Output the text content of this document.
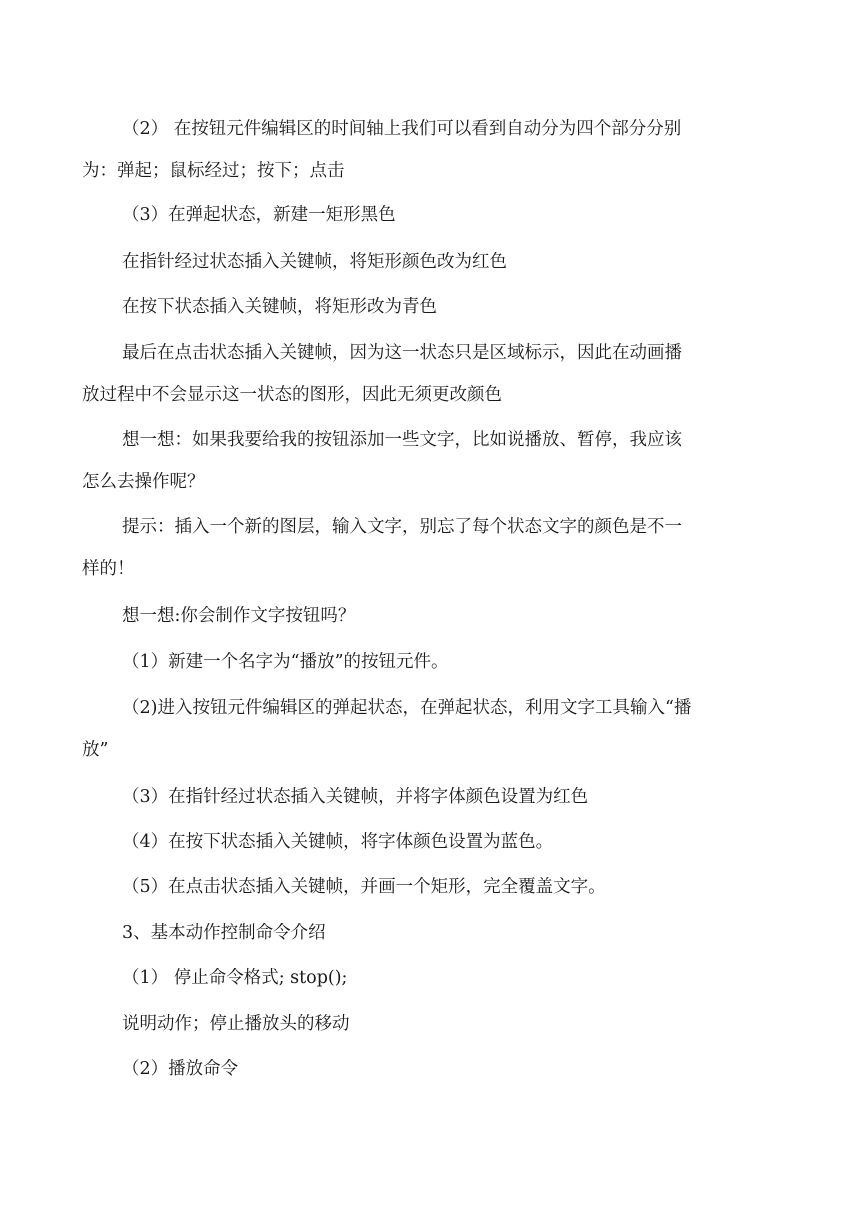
（2） 在按钮元件编辑区的时间轴上我们可以看到自动分为四个部分分别
为：弹起；鼠标经过；按下；点击

（3）在弹起状态，新建一矩形黑色

在指针经过状态插入关键帧，将矩形颜色改为红色

在按下状态插入关键帧，将矩形改为青色

最后在点击状态插入关键帧，因为这一状态只是区域标示，因此在动画播
放过程中不会显示这一状态的图形，因此无须更改颜色

想一想：如果我要给我的按钮添加一些文字，比如说播放、暂停，我应该
怎么去操作呢？

提示：插入一个新的图层，输入文字，别忘了每个状态文字的颜色是不一
样的！

想一想:你会制作文字按钮吗？

（1）新建一个名字为“播放”的按钮元件。

（2)进入按钮元件编辑区的弹起状态，在弹起状态，利用文字工具输入“播
放”

（3）在指针经过状态插入关键帧，并将字体颜色设置为红色

（4）在按下状态插入关键帧，将字体颜色设置为蓝色。

（5）在点击状态插入关键帧，并画一个矩形，完全覆盖文字。

3、基本动作控制命令介绍

（1） 停止命令格式; stop();

说明动作；停止播放头的移动

（2）播放命令
